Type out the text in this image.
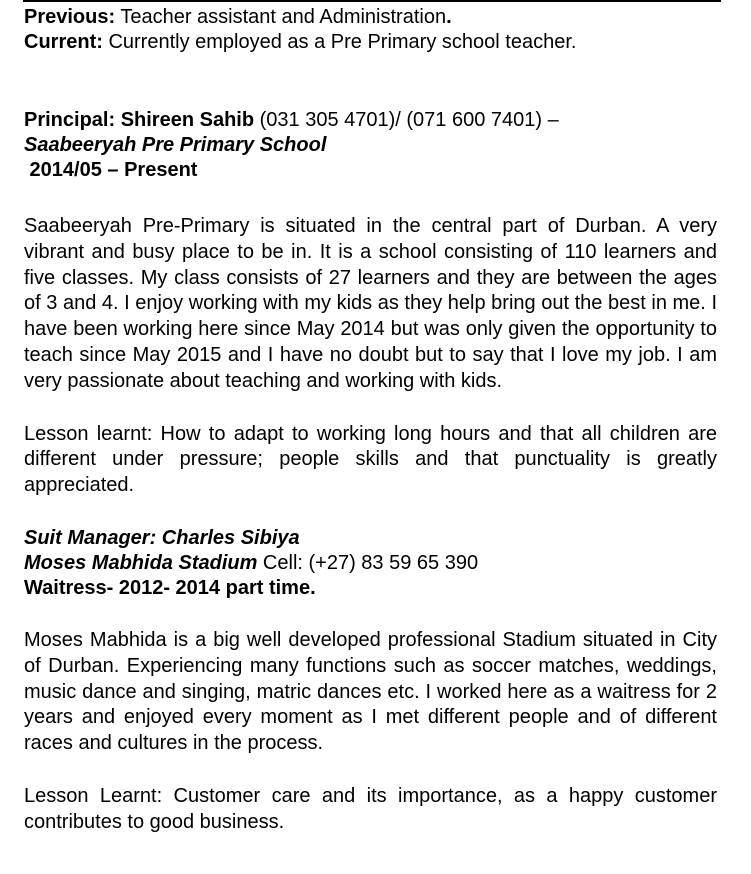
Previous: Teacher assistant and Administration.

Current: Currently employed as a Pre Primary school teacher.

Principal: Shireen Sahib (031 305 4701)/ (071 600 7401) –

Saabeeryah Pre Primary School

2014/05 – Present

Saabeeryah Pre-Primary is situated in the central part of Durban. A very vibrant and busy place to be in. It is a school consisting of 110 learners and five classes. My class consists of 27 learners and they are between the ages of 3 and 4. I enjoy working with my kids as they help bring out the best in me. I have been working here since May 2014 but was only given the opportunity to teach since May 2015 and I have no doubt but to say that I love my job. I am very passionate about teaching and working with kids.

Lesson learnt: How to adapt to working long hours and that all children are different under pressure; people skills and that punctuality is greatly appreciated.

Suit Manager: Charles Sibiya

Moses Mabhida Stadium Cell: (+27) 83 59 65 390

Waitress- 2012- 2014 part time.

Moses Mabhida is a big well developed professional Stadium situated in City of Durban. Experiencing many functions such as soccer matches, weddings, music dance and singing, matric dances etc. I worked here as a waitress for 2 years and enjoyed every moment as I met different people and of different races and cultures in the process.

Lesson Learnt: Customer care and its importance, as a happy customer contributes to good business.
